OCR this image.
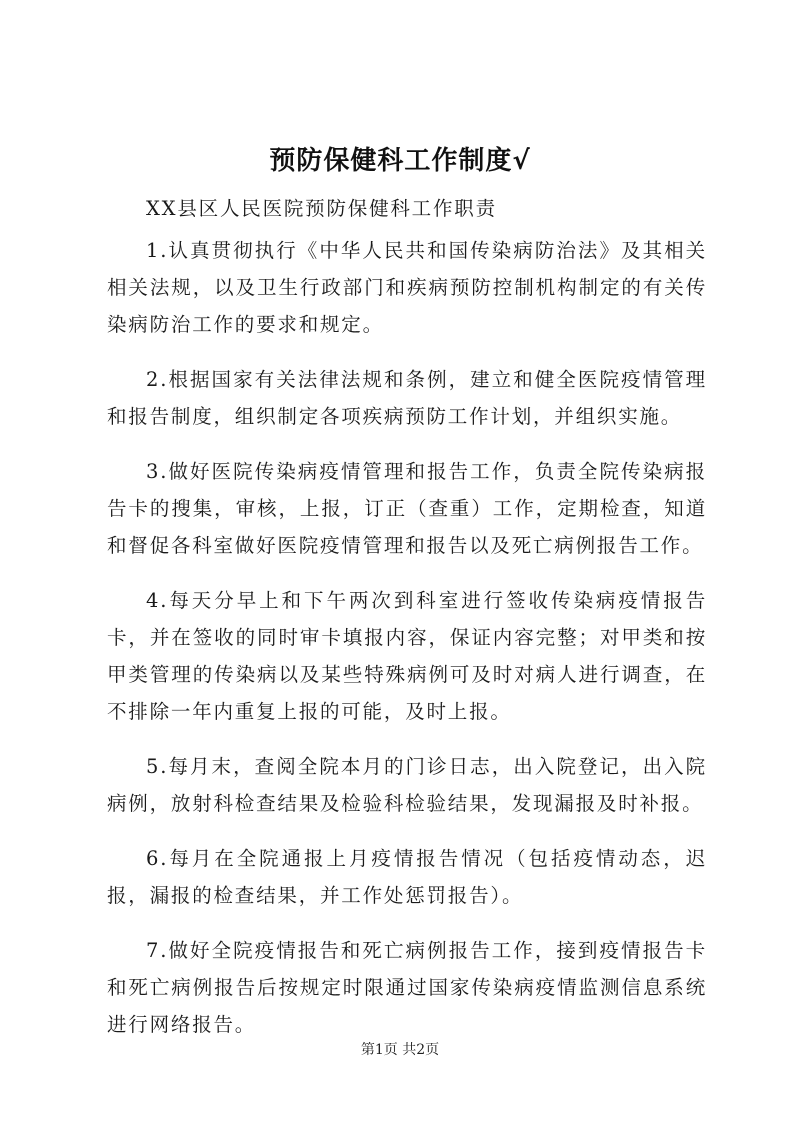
预防保健科工作制度√

XX县区人民医院预防保健科工作职责

1.认真贯彻执行《中华人民共和国传染病防治法》及其相关相关法规，以及卫生行政部门和疾病预防控制机构制定的有关传染病防治工作的要求和规定。

2.根据国家有关法律法规和条例，建立和健全医院疫情管理和报告制度，组织制定各项疾病预防工作计划，并组织实施。

3.做好医院传染病疫情管理和报告工作，负责全院传染病报告卡的搜集，审核，上报，订正（查重）工作，定期检查，知道和督促各科室做好医院疫情管理和报告以及死亡病例报告工作。

4.每天分早上和下午两次到科室进行签收传染病疫情报告卡，并在签收的同时审卡填报内容，保证内容完整；对甲类和按甲类管理的传染病以及某些特殊病例可及时对病人进行调查，在不排除一年内重复上报的可能，及时上报。

5.每月末，查阅全院本月的门诊日志，出入院登记，出入院病例，放射科检查结果及检验科检验结果，发现漏报及时补报。

6.每月在全院通报上月疫情报告情况（包括疫情动态，迟报，漏报的检查结果，并工作处惩罚报告）。

7.做好全院疫情报告和死亡病例报告工作，接到疫情报告卡和死亡病例报告后按规定时限通过国家传染病疫情监测信息系统进行网络报告。

第1页 共2页
